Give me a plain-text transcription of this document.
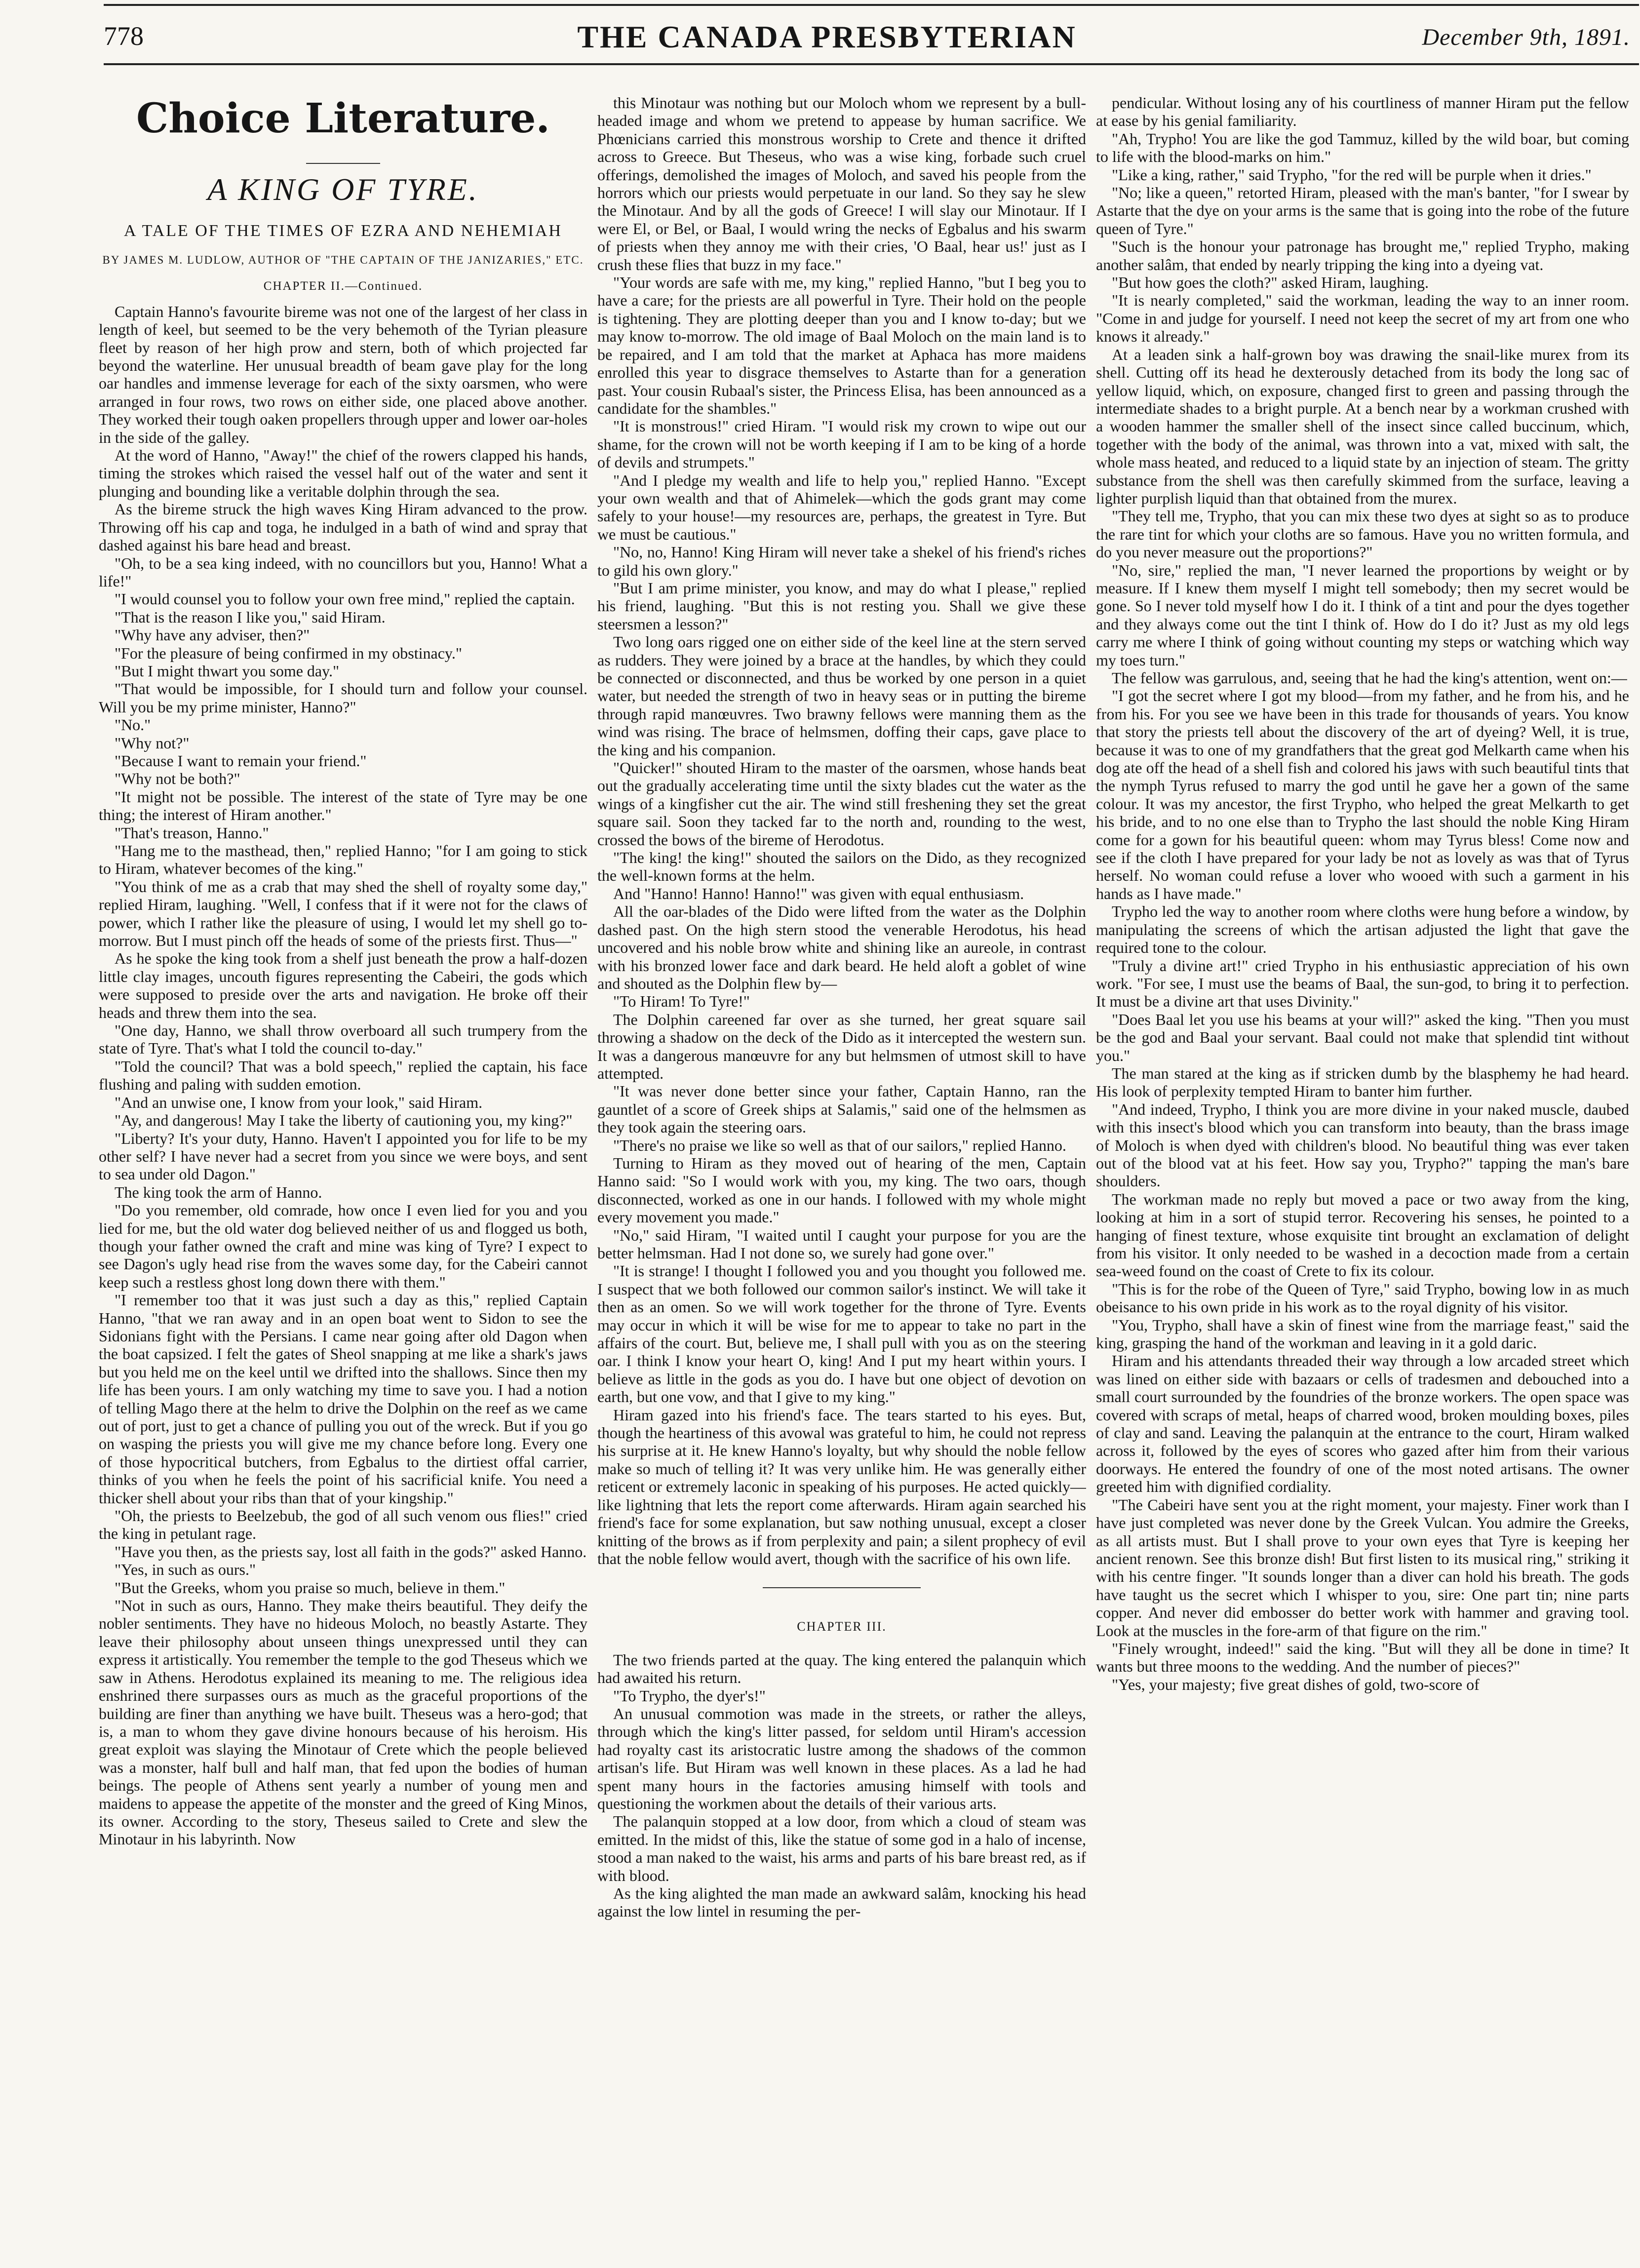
778	THE CANADA PRESBYTERIAN	December 9th, 1891.
Choice Literature.
A KING OF TYRE.
A TALE OF THE TIMES OF EZRA AND NEHEMIAH
BY JAMES M. LUDLOW, AUTHOR OF "THE CAPTAIN OF THE JANIZARIES," ETC.
CHAPTER II.—Continued.

Captain Hanno's favourite bireme was not one of the largest of her class in length of keel, but seemed to be the very behemoth of the Tyrian pleasure fleet by reason of her high prow and stern, both of which projected far beyond the waterline. Her unusual breadth of beam gave play for the long oar handles and immense leverage for each of the sixty oarsmen, who were arranged in four rows, two rows on either side, one placed above another. They worked their tough oaken propellers through upper and lower oar-holes in the side of the galley.

At the word of Hanno, "Away!" the chief of the rowers clapped his hands, timing the strokes which raised the vessel half out of the water and sent it plunging and bounding like a veritable dolphin through the sea.

As the bireme struck the high waves King Hiram advanced to the prow. Throwing off his cap and toga, he indulged in a bath of wind and spray that dashed against his bare head and breast.

"Oh, to be a sea king indeed, with no councillors but you, Hanno! What a life!"

"I would counsel you to follow your own free mind," replied the captain.

"That is the reason I like you," said Hiram.

"Why have any adviser, then?"

"For the pleasure of being confirmed in my obstinacy."

"But I might thwart you some day."

"That would be impossible, for I should turn and follow your counsel. Will you be my prime minister, Hanno?"

"No."

"Why not?"

"Because I want to remain your friend."

"Why not be both?"

"It might not be possible. The interest of the state of Tyre may be one thing; the interest of Hiram another."

"That's treason, Hanno."

"Hang me to the masthead, then," replied Hanno; "for I am going to stick to Hiram, whatever becomes of the king."

"You think of me as a crab that may shed the shell of royalty some day," replied Hiram, laughing. "Well, I confess that if it were not for the claws of power, which I rather like the pleasure of using, I would let my shell go to-morrow. But I must pinch off the heads of some of the priests first. Thus—"

As he spoke the king took from a shelf just beneath the prow a half-dozen little clay images, uncouth figures representing the Cabeiri, the gods which were supposed to preside over the arts and navigation. He broke off their heads and threw them into the sea.

"One day, Hanno, we shall throw overboard all such trumpery from the state of Tyre. That's what I told the council to-day."

"Told the council? That was a bold speech," replied the captain, his face flushing and paling with sudden emotion.

"And an unwise one, I know from your look," said Hiram.

"Ay, and dangerous! May I take the liberty of cautioning you, my king?"

"Liberty? It's your duty, Hanno. Haven't I appointed you for life to be my other self? I have never had a secret from you since we were boys, and sent to sea under old Dagon."

The king took the arm of Hanno.

"Do you remember, old comrade, how once I even lied for you and you lied for me, but the old water dog believed neither of us and flogged us both, though your father owned the craft and mine was king of Tyre? I expect to see Dagon's ugly head rise from the waves some day, for the Cabeiri cannot keep such a restless ghost long down there with them."

"I remember too that it was just such a day as this," replied Captain Hanno, "that we ran away and in an open boat went to Sidon to see the Sidonians fight with the Persians. I came near going after old Dagon when the boat capsized. I felt the gates of Sheol snapping at me like a shark's jaws but you held me on the keel until we drifted into the shallows. Since then my life has been yours. I am only watching my time to save you. I had a notion of telling Mago there at the helm to drive the Dolphin on the reef as we came out of port, just to get a chance of pulling you out of the wreck. But if you go on wasping the priests you will give me my chance before long. Every one of those hypocritical butchers, from Egbalus to the dirtiest offal carrier, thinks of you when he feels the point of his sacrificial knife. You need a thicker shell about your ribs than that of your kingship."

"Oh, the priests to Beelzebub, the god of all such venom ous flies!" cried the king in petulant rage.

"Have you then, as the priests say, lost all faith in the gods?" asked Hanno.

"Yes, in such as ours."

"But the Greeks, whom you praise so much, believe in them."

"Not in such as ours, Hanno. They make theirs beautiful. They deify the nobler sentiments. They have no hideous Moloch, no beastly Astarte. They leave their philosophy about unseen things unexpressed until they can express it artistically. You remember the temple to the god Theseus which we saw in Athens. Herodotus explained its meaning to me. The religious idea enshrined there surpasses ours as much as the graceful proportions of the building are finer than anything we have built. Theseus was a hero-god; that is, a man to whom they gave divine honours because of his heroism. His great exploit was slaying the Minotaur of Crete which the people believed was a monster, half bull and half man, that fed upon the bodies of human beings. The people of Athens sent yearly a number of young men and maidens to appease the appetite of the monster and the greed of King Minos, its owner. According to the story, Theseus sailed to Crete and slew the Minotaur in his labyrinth. Now

this Minotaur was nothing but our Moloch whom we represent by a bull-headed image and whom we pretend to appease by human sacrifice. We Phœnicians carried this monstrous worship to Crete and thence it drifted across to Greece. But Theseus, who was a wise king, forbade such cruel offerings, demolished the images of Moloch, and saved his people from the horrors which our priests would perpetuate in our land. So they say he slew the Minotaur. And by all the gods of Greece! I will slay our Minotaur. If I were El, or Bel, or Baal, I would wring the necks of Egbalus and his swarm of priests when they annoy me with their cries, 'O Baal, hear us!' just as I crush these flies that buzz in my face."

"Your words are safe with me, my king," replied Hanno, "but I beg you to have a care; for the priests are all powerful in Tyre. Their hold on the people is tightening. They are plotting deeper than you and I know to-day; but we may know to-morrow. The old image of Baal Moloch on the main land is to be repaired, and I am told that the market at Aphaca has more maidens enrolled this year to disgrace themselves to Astarte than for a generation past. Your cousin Rubaal's sister, the Princess Elisa, has been announced as a candidate for the shambles."

"It is monstrous!" cried Hiram. "I would risk my crown to wipe out our shame, for the crown will not be worth keeping if I am to be king of a horde of devils and strumpets."

"And I pledge my wealth and life to help you," replied Hanno. "Except your own wealth and that of Ahimelek—which the gods grant may come safely to your house!—my resources are, perhaps, the greatest in Tyre. But we must be cautious."

"No, no, Hanno! King Hiram will never take a shekel of his friend's riches to gild his own glory."

"But I am prime minister, you know, and may do what I please," replied his friend, laughing. "But this is not resting you. Shall we give these steersmen a lesson?"

Two long oars rigged one on either side of the keel line at the stern served as rudders. They were joined by a brace at the handles, by which they could be connected or disconnected, and thus be worked by one person in a quiet water, but needed the strength of two in heavy seas or in putting the bireme through rapid manœuvres. Two brawny fellows were manning them as the wind was rising. The brace of helmsmen, doffing their caps, gave place to the king and his companion.

"Quicker!" shouted Hiram to the master of the oarsmen, whose hands beat out the gradually accelerating time until the sixty blades cut the water as the wings of a kingfisher cut the air. The wind still freshening they set the great square sail. Soon they tacked far to the north and, rounding to the west, crossed the bows of the bireme of Herodotus.

"The king! the king!" shouted the sailors on the Dido, as they recognized the well-known forms at the helm.

And "Hanno! Hanno! Hanno!" was given with equal enthusiasm.

All the oar-blades of the Dido were lifted from the water as the Dolphin dashed past. On the high stern stood the venerable Herodotus, his head uncovered and his noble brow white and shining like an aureole, in contrast with his bronzed lower face and dark beard. He held aloft a goblet of wine and shouted as the Dolphin flew by—

"To Hiram! To Tyre!"

The Dolphin careened far over as she turned, her great square sail throwing a shadow on the deck of the Dido as it intercepted the western sun. It was a dangerous manœuvre for any but helmsmen of utmost skill to have attempted.

"It was never done better since your father, Captain Hanno, ran the gauntlet of a score of Greek ships at Salamis," said one of the helmsmen as they took again the steering oars.

"There's no praise we like so well as that of our sailors," replied Hanno.

Turning to Hiram as they moved out of hearing of the men, Captain Hanno said: "So I would work with you, my king. The two oars, though disconnected, worked as one in our hands. I followed with my whole might every movement you made."

"No," said Hiram, "I waited until I caught your purpose for you are the better helmsman. Had I not done so, we surely had gone over."

"It is strange! I thought I followed you and you thought you followed me. I suspect that we both followed our common sailor's instinct. We will take it then as an omen. So we will work together for the throne of Tyre. Events may occur in which it will be wise for me to appear to take no part in the affairs of the court. But, believe me, I shall pull with you as on the steering oar. I think I know your heart O, king! And I put my heart within yours. I believe as little in the gods as you do. I have but one object of devotion on earth, but one vow, and that I give to my king."

Hiram gazed into his friend's face. The tears started to his eyes. But, though the heartiness of this avowal was grateful to him, he could not repress his surprise at it. He knew Hanno's loyalty, but why should the noble fellow make so much of telling it? It was very unlike him. He was generally either reticent or extremely laconic in speaking of his purposes. He acted quickly—like lightning that lets the report come afterwards. Hiram again searched his friend's face for some explanation, but saw nothing unusual, except a closer knitting of the brows as if from perplexity and pain; a silent prophecy of evil that the noble fellow would avert, though with the sacrifice of his own life.

CHAPTER III.

The two friends parted at the quay. The king entered the palanquin which had awaited his return.

"To Trypho, the dyer's!"

An unusual commotion was made in the streets, or rather the alleys, through which the king's litter passed, for seldom until Hiram's accession had royalty cast its aristocratic lustre among the shadows of the common artisan's life. But Hiram was well known in these places. As a lad he had spent many hours in the factories amusing himself with tools and questioning the workmen about the details of their various arts.

The palanquin stopped at a low door, from which a cloud of steam was emitted. In the midst of this, like the statue of some god in a halo of incense, stood a man naked to the waist, his arms and parts of his bare breast red, as if with blood.

As the king alighted the man made an awkward salâm, knocking his head against the low lintel in resuming the per-

pendicular. Without losing any of his courtliness of manner Hiram put the fellow at ease by his genial familiarity.

"Ah, Trypho! You are like the god Tammuz, killed by the wild boar, but coming to life with the blood-marks on him."

"Like a king, rather," said Trypho, "for the red will be purple when it dries."

"No; like a queen," retorted Hiram, pleased with the man's banter, "for I swear by Astarte that the dye on your arms is the same that is going into the robe of the future queen of Tyre."

"Such is the honour your patronage has brought me," replied Trypho, making another salâm, that ended by nearly tripping the king into a dyeing vat.

"But how goes the cloth?" asked Hiram, laughing.

"It is nearly completed," said the workman, leading the way to an inner room. "Come in and judge for yourself. I need not keep the secret of my art from one who knows it already."

At a leaden sink a half-grown boy was drawing the snail-like murex from its shell. Cutting off its head he dexterously detached from its body the long sac of yellow liquid, which, on exposure, changed first to green and passing through the intermediate shades to a bright purple. At a bench near by a workman crushed with a wooden hammer the smaller shell of the insect since called buccinum, which, together with the body of the animal, was thrown into a vat, mixed with salt, the whole mass heated, and reduced to a liquid state by an injection of steam. The gritty substance from the shell was then carefully skimmed from the surface, leaving a lighter purplish liquid than that obtained from the murex.

"They tell me, Trypho, that you can mix these two dyes at sight so as to produce the rare tint for which your cloths are so famous. Have you no written formula, and do you never measure out the proportions?"

"No, sire," replied the man, "I never learned the proportions by weight or by measure. If I knew them myself I might tell somebody; then my secret would be gone. So I never told myself how I do it. I think of a tint and pour the dyes together and they always come out the tint I think of. How do I do it? Just as my old legs carry me where I think of going without counting my steps or watching which way my toes turn."

The fellow was garrulous, and, seeing that he had the king's attention, went on:—

"I got the secret where I got my blood—from my father, and he from his, and he from his. For you see we have been in this trade for thousands of years. You know that story the priests tell about the discovery of the art of dyeing? Well, it is true, because it was to one of my grandfathers that the great god Melkarth came when his dog ate off the head of a shell fish and colored his jaws with such beautiful tints that the nymph Tyrus refused to marry the god until he gave her a gown of the same colour. It was my ancestor, the first Trypho, who helped the great Melkarth to get his bride, and to no one else than to Trypho the last should the noble King Hiram come for a gown for his beautiful queen: whom may Tyrus bless! Come now and see if the cloth I have prepared for your lady be not as lovely as was that of Tyrus herself. No woman could refuse a lover who wooed with such a garment in his hands as I have made."

Trypho led the way to another room where cloths were hung before a window, by manipulating the screens of which the artisan adjusted the light that gave the required tone to the colour.

"Truly a divine art!" cried Trypho in his enthusiastic appreciation of his own work. "For see, I must use the beams of Baal, the sun-god, to bring it to perfection. It must be a divine art that uses Divinity."

"Does Baal let you use his beams at your will?" asked the king. "Then you must be the god and Baal your servant. Baal could not make that splendid tint without you."

The man stared at the king as if stricken dumb by the blasphemy he had heard. His look of perplexity tempted Hiram to banter him further.

"And indeed, Trypho, I think you are more divine in your naked muscle, daubed with this insect's blood which you can transform into beauty, than the brass image of Moloch is when dyed with children's blood. No beautiful thing was ever taken out of the blood vat at his feet. How say you, Trypho?" tapping the man's bare shoulders.

The workman made no reply but moved a pace or two away from the king, looking at him in a sort of stupid terror. Recovering his senses, he pointed to a hanging of finest texture, whose exquisite tint brought an exclamation of delight from his visitor. It only needed to be washed in a decoction made from a certain sea-weed found on the coast of Crete to fix its colour.

"This is for the robe of the Queen of Tyre," said Trypho, bowing low in as much obeisance to his own pride in his work as to the royal dignity of his visitor.

"You, Trypho, shall have a skin of finest wine from the marriage feast," said the king, grasping the hand of the workman and leaving in it a gold daric.

Hiram and his attendants threaded their way through a low arcaded street which was lined on either side with bazaars or cells of tradesmen and debouched into a small court surrounded by the foundries of the bronze workers. The open space was covered with scraps of metal, heaps of charred wood, broken moulding boxes, piles of clay and sand. Leaving the palanquin at the entrance to the court, Hiram walked across it, followed by the eyes of scores who gazed after him from their various doorways. He entered the foundry of one of the most noted artisans. The owner greeted him with dignified cordiality.

"The Cabeiri have sent you at the right moment, your majesty. Finer work than I have just completed was never done by the Greek Vulcan. You admire the Greeks, as all artists must. But I shall prove to your own eyes that Tyre is keeping her ancient renown. See this bronze dish! But first listen to its musical ring," striking it with his centre finger. "It sounds longer than a diver can hold his breath. The gods have taught us the secret which I whisper to you, sire: One part tin; nine parts copper. And never did embosser do better work with hammer and graving tool. Look at the muscles in the fore-arm of that figure on the rim."

"Finely wrought, indeed!" said the king. "But will they all be done in time? It wants but three moons to the wedding. And the number of pieces?"

"Yes, your majesty; five great dishes of gold, two-score of
